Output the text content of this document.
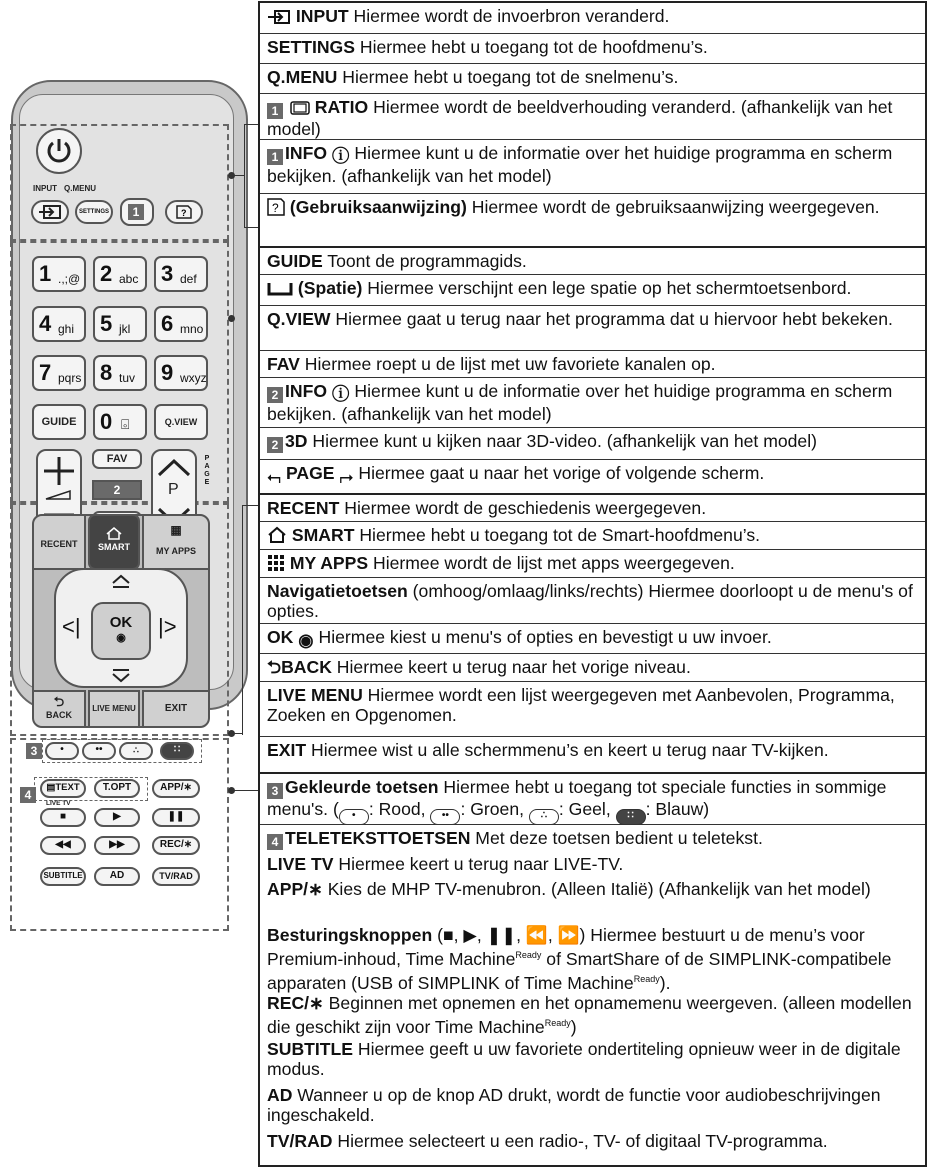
INPUT Q.MENU
SETTINGS	1	?
GUIDE	0 ⌻	Q.VIEW
FAV
2	P
PAGE
RECENT	SMART
▦
MY APPS
<|	|>
OK
◉
⮌
BACK
LIVE MENU	EXIT
3	•	••	∴	∷
4
▤TEXT	T.OPT	APP/∗
LIVE TV
■	▶	❚❚
◀◀	▶▶	REC/∗
SUBTITLE	AD	TV/RAD
INPUT Hiermee wordt de invoerbron veranderd.
SETTINGS Hiermee hebt u toegang tot de hoofdmenu’s.
Q.MENU Hiermee hebt u toegang tot de snelmenu’s.
1 RATIO Hiermee wordt de beeldverhouding veranderd. (afhankelijk van het model)
1 INFO ⓘ Hiermee kunt u de informatie over het huidige programma en scherm bekijken. (afhankelijk van het model)
? (Gebruiksaanwijzing) Hiermee wordt de gebruiksaanwijzing weergegeven.
GUIDE Toont de programmagids.
(Spatie) Hiermee verschijnt een lege spatie op het schermtoetsenbord.
Q.VIEW Hiermee gaat u terug naar het programma dat u hiervoor hebt bekeken.
FAV Hiermee roept u de lijst met uw favoriete kanalen op.
2 INFO ⓘ Hiermee kunt u de informatie over het huidige programma en scherm bekijken. (afhankelijk van het model)
2 3D Hiermee kunt u kijken naar 3D-video. (afhankelijk van het model)
⮢ PAGE ⮣ Hiermee gaat u naar het vorige of volgende scherm.
RECENT Hiermee wordt de geschiedenis weergegeven.
SMART Hiermee hebt u toegang tot de Smart-hoofdmenu’s.
MY APPS Hiermee wordt de lijst met apps weergegeven.
Navigatietoetsen (omhoog/omlaag/links/rechts) Hiermee doorloopt u de menu's of opties.
OK ◉ Hiermee kiest u menu's of opties en bevestigt u uw invoer.
⮌BACK Hiermee keert u terug naar het vorige niveau.
LIVE MENU Hiermee wordt een lijst weergegeven met Aanbevolen, Programma, Zoeken en Opgenomen.
EXIT Hiermee wist u alle schermmenu’s en keert u terug naar TV-kijken.
3 Gekleurde toetsen Hiermee hebt u toegang tot speciale functies in sommige menu's. ( • : Rood, •• : Groen, ∴ : Geel, ∷ : Blauw)
4 TELETEKSTTOETSEN Met deze toetsen bedient u teletekst.
LIVE TV Hiermee keert u terug naar LIVE-TV.
APP/∗ Kies de MHP TV-menubron. (Alleen Italië) (Afhankelijk van het model)
Besturingsknoppen (■, ▶, ❚❚, ⏪, ⏩) Hiermee bestuurt u de menu’s voor Premium-inhoud, Time Machine$^{Ready}$ of SmartShare of de SIMPLINK-compatibele apparaten (USB of SIMPLINK of Time Machine$^{Ready}$).
REC/∗ Beginnen met opnemen en het opnamemenu weergeven. (alleen modellen die geschikt zijn voor Time Machine$^{Ready}$)
SUBTITLE Hiermee geeft u uw favoriete ondertiteling opnieuw weer in de digitale modus.
AD Wanneer u op de knop AD drukt, wordt de functie voor audiobeschrijvingen ingeschakeld.
TV/RAD Hiermee selecteert u een radio-, TV- of digitaal TV-programma.
1 .,;@ 2 abc 3 def
4 ghi 5 jkl 6 mno
7 pqrs 8 tuv 9 wxyz
